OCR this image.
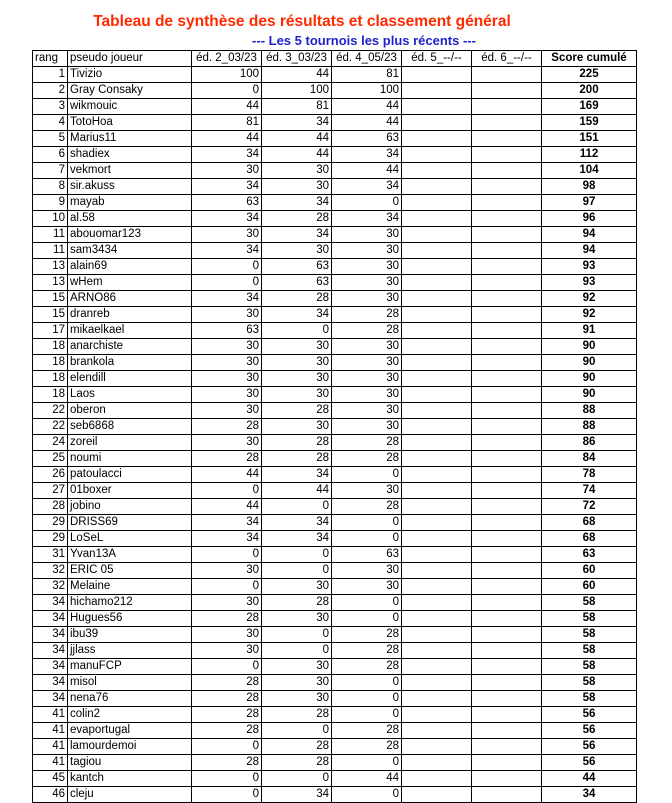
Tableau de synthèse des résultats et classement général
--- Les 5 tournois les plus récents ---
rang	pseudo joueur	éd. 2_03/23	éd. 3_03/23	éd. 4_05/23	éd. 5_--/--	éd. 6_--/--	Score cumulé
1	Tivizio	100	44	81			225
2	Gray Consaky	0	100	100			200
3	wikmouic	44	81	44			169
4	TotoHoa	81	34	44			159
5	Marius11	44	44	63			151
6	shadiex	34	44	34			112
7	vekmort	30	30	44			104
8	sir.akuss	34	30	34			98
9	mayab	63	34	0			97
10	al.58	34	28	34			96
11	abouomar123	30	34	30			94
11	sam3434	34	30	30			94
13	alain69	0	63	30			93
13	wHem	0	63	30			93
15	ARNO86	34	28	30			92
15	dranreb	30	34	28			92
17	mikaelkael	63	0	28			91
18	anarchiste	30	30	30			90
18	brankola	30	30	30			90
18	elendill	30	30	30			90
18	Laos	30	30	30			90
22	oberon	30	28	30			88
22	seb6868	28	30	30			88
24	zoreil	30	28	28			86
25	noumi	28	28	28			84
26	patoulacci	44	34	0			78
27	01boxer	0	44	30			74
28	jobino	44	0	28			72
29	DRISS69	34	34	0			68
29	LoSeL	34	34	0			68
31	Yvan13A	0	0	63			63
32	ERIC 05	30	0	30			60
32	Melaine	0	30	30			60
34	hichamo212	30	28	0			58
34	Hugues56	28	30	0			58
34	ibu39	30	0	28			58
34	jjlass	30	0	28			58
34	manuFCP	0	30	28			58
34	misol	28	30	0			58
34	nena76	28	30	0			58
41	colin2	28	28	0			56
41	evaportugal	28	0	28			56
41	lamourdemoi	0	28	28			56
41	tagiou	28	28	0			56
45	kantch	0	0	44			44
46	cleju	0	34	0			34
